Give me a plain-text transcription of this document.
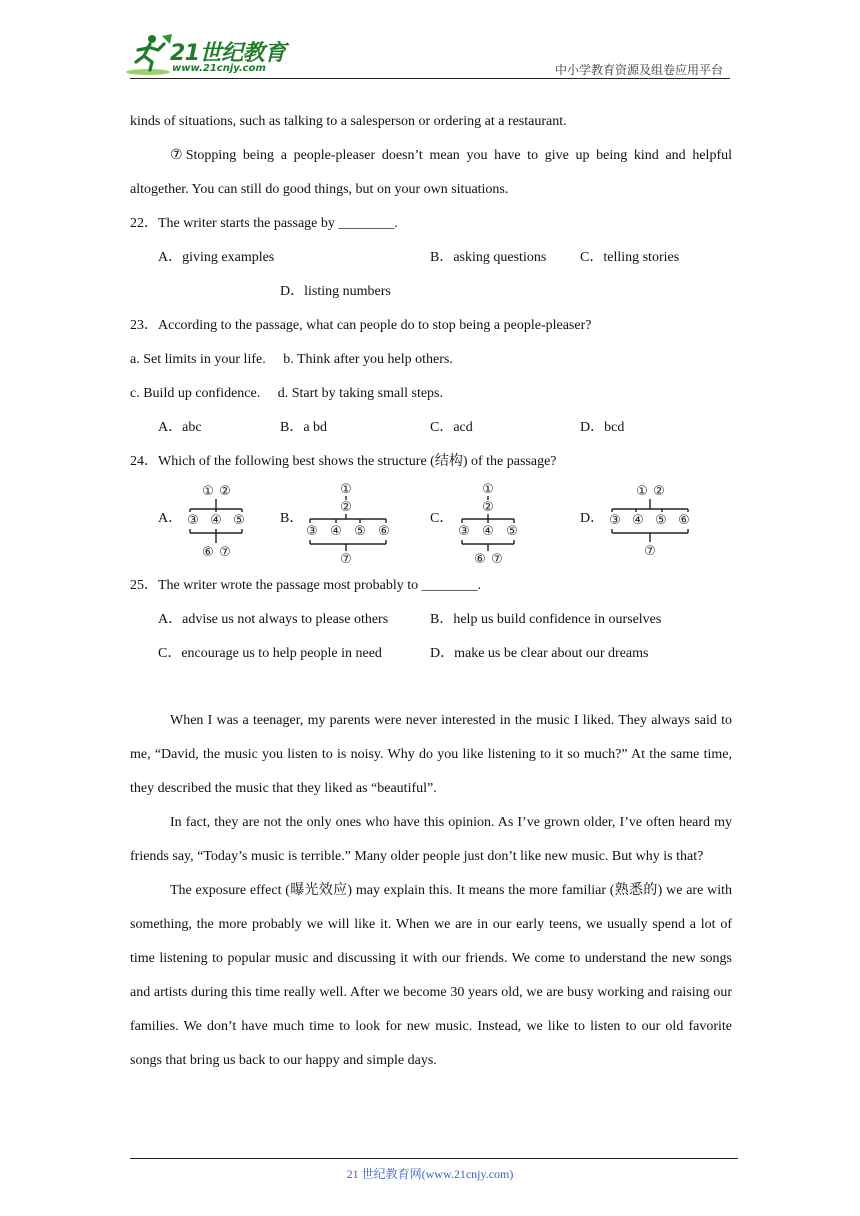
21世纪教育
www.21cnjy.com	中小学教育资源及组卷应用平台

kinds of situations, such as talking to a salesperson or ordering at a restaurant.

⑦Stopping being a people-pleaser doesn’t mean you have to give up being kind and helpful altogether. You can still do good things, but on your own situations.

22．The writer starts the passage by ________.

A．giving examples	B．asking questions C．telling stories
D．listing numbers

23．According to the passage, what can people do to stop being a people-pleaser?

a. Set limits in your life.     b. Think after you help others.

c. Build up confidence.     d. Start by taking small steps.

A．abc	B．a bd	C．acd	D．bcd

24．Which of the following best shows the structure (结构) of the passage?

A．
① ②
③ ④ ⑤
⑥ ⑦
B．
①
②
③ ④ ⑤ ⑥
⑦
C．
①
②
③ ④ ⑤
⑥ ⑦
D．
① ②
③ ④ ⑤ ⑥
⑦

25．The writer wrote the passage most probably to ________.

A．advise us not always to please others	B．help us build confidence in ourselves
C．encourage us to help people in need	D．make us be clear about our dreams

When I was a teenager, my parents were never interested in the music I liked. They always said to me, “David, the music you listen to is noisy. Why do you like listening to it so much?” At the same time, they described the music that they liked as “beautiful”.

In fact, they are not the only ones who have this opinion. As I’ve grown older, I’ve often heard my friends say, “Today’s music is terrible.” Many older people just don’t like new music. But why is that?

The exposure effect (曝光效应) may explain this. It means the more familiar (熟悉的) we are with something, the more probably we will like it. When we are in our early teens, we usually spend a lot of time listening to popular music and discussing it with our friends. We come to understand the new songs and artists during this time really well. After we become 30 years old, we are busy working and raising our families. We don’t have much time to look for new music. Instead, we like to listen to our old favorite songs that bring us back to our happy and simple days.

21 世纪教育网(www.21cnjy.com)
